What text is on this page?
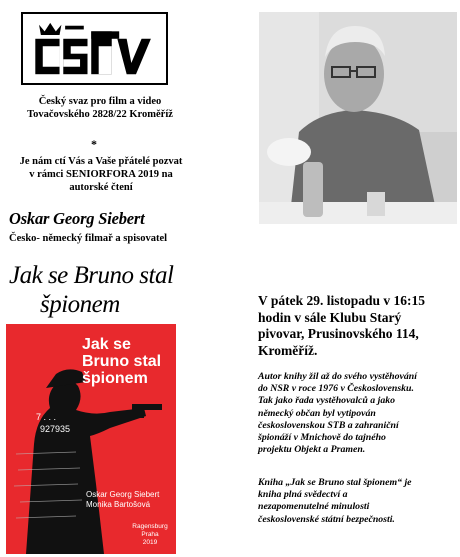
Český svaz pro film a video
Tovačovského 2828/22 Kroměříž
*
Je nám ctí Vás a Vaše přátelé pozvat
v rámci SENIORFORA 2019 na
autorské čtení
Oskar Georg Siebert
Česko- německý filmař a spisovatel
Jak se Bruno stal
špionem
Jak se
Bruno stal
špionem
7 . . .
927935
Oskar Georg Siebert
Monika Bartošová
Ragensburg
Praha
2019
V pátek 29. listopadu v 16:15
hodin v sále Klubu Starý
pivovar, Prusinovského 114,
Kroměříž.
Autor knihy žil až do svého vystěhování
do NSR v roce 1976 v Československu.
Tak jako řada vystěhovalců a jako
německý občan byl vytipován
československou STB a zahraniční
špionáží v Mnichově do tajného
projektu Objekt a Pramen.
Kniha „Jak se Bruno stal špionem“ je
kniha plná svědectví a
nezapomenutelné minulosti
československé státní bezpečnosti.
